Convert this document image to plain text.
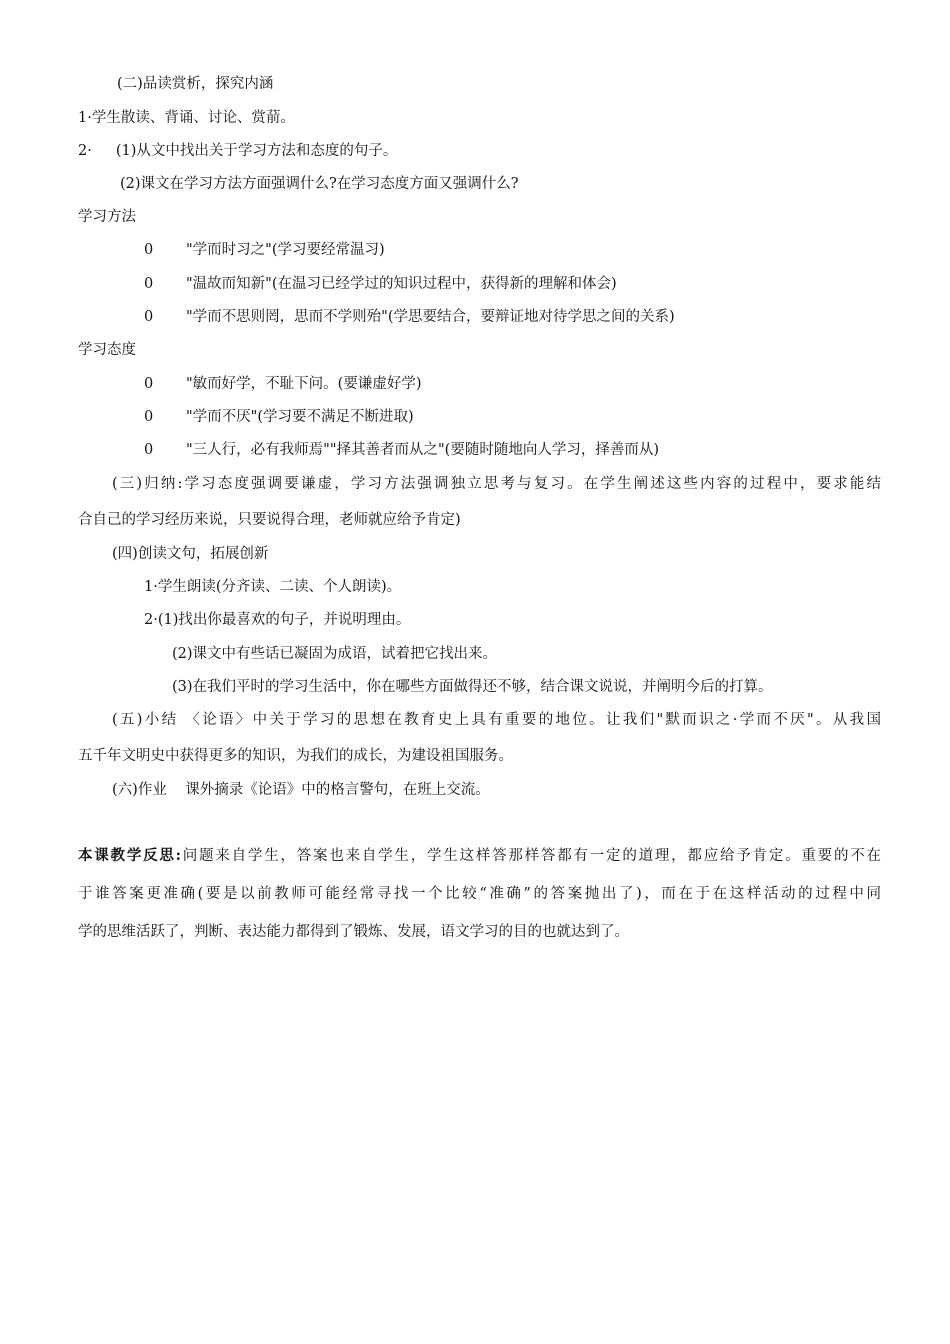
(二)品读赏析，探究内涵
1·学生散读、背诵、讨论、赏葥。
2· (1)从文中找出关于学习方法和态度的句子。
(2)课文在学习方法方面强调什么?在学习态度方面又强调什么?
学习方法
0 "学而时习之"(学习要经常温习)
0 "温故而知新"(在温习已经学过的知识过程中，获得新的理解和体会)
0 "学而不思则罔，思而不学则殆"(学思要结合，要辩证地对待学思之间的关系)
学习态度
0 "敏而好学，不耻下问。(要谦虚好学)
0 "学而不厌"(学习要不满足不断进取)
0 "三人行，必有我师焉""择其善者而从之"(要随时随地向人学习，择善而从)
(三)归纳:学习态度强调要谦虚，学习方法强调独立思考与复习。在学生阐述这些内容的过程中，要求能结
合自己的学习经历来说，只要说得合理，老师就应给予肯定)
(四)创读文句，拓展创新
1·学生朗读(分齐读、二读、个人朗读)。
2·(1)找出你最喜欢的句子，并说明理由。
(2)课文中有些话已凝固为成语，试着把它找出来。
(3)在我们平时的学习生活中，你在哪些方面做得还不够，结合课文说说，并阐明今后的打算。
(五)小结 〈论语〉中关于学习的思想在教育史上具有重要的地位。让我们"默而识之·学而不厌"。从我国
五千年文明史中获得更多的知识，为我们的成长，为建设祖国服务。
(六)作业    课外摘录《论语》中的格言警句，在班上交流。
本课教学反思:问题来自学生，答案也来自学生，学生这样答那样答都有一定的道理，都应给予肯定。重要的不在
于谁答案更准确(要是以前教师可能经常寻找一个比较“准确”的答案抛出了)，而在于在这样活动的过程中同
学的思维活跃了，判断、表达能力都得到了锻炼、发展，语文学习的目的也就达到了。
